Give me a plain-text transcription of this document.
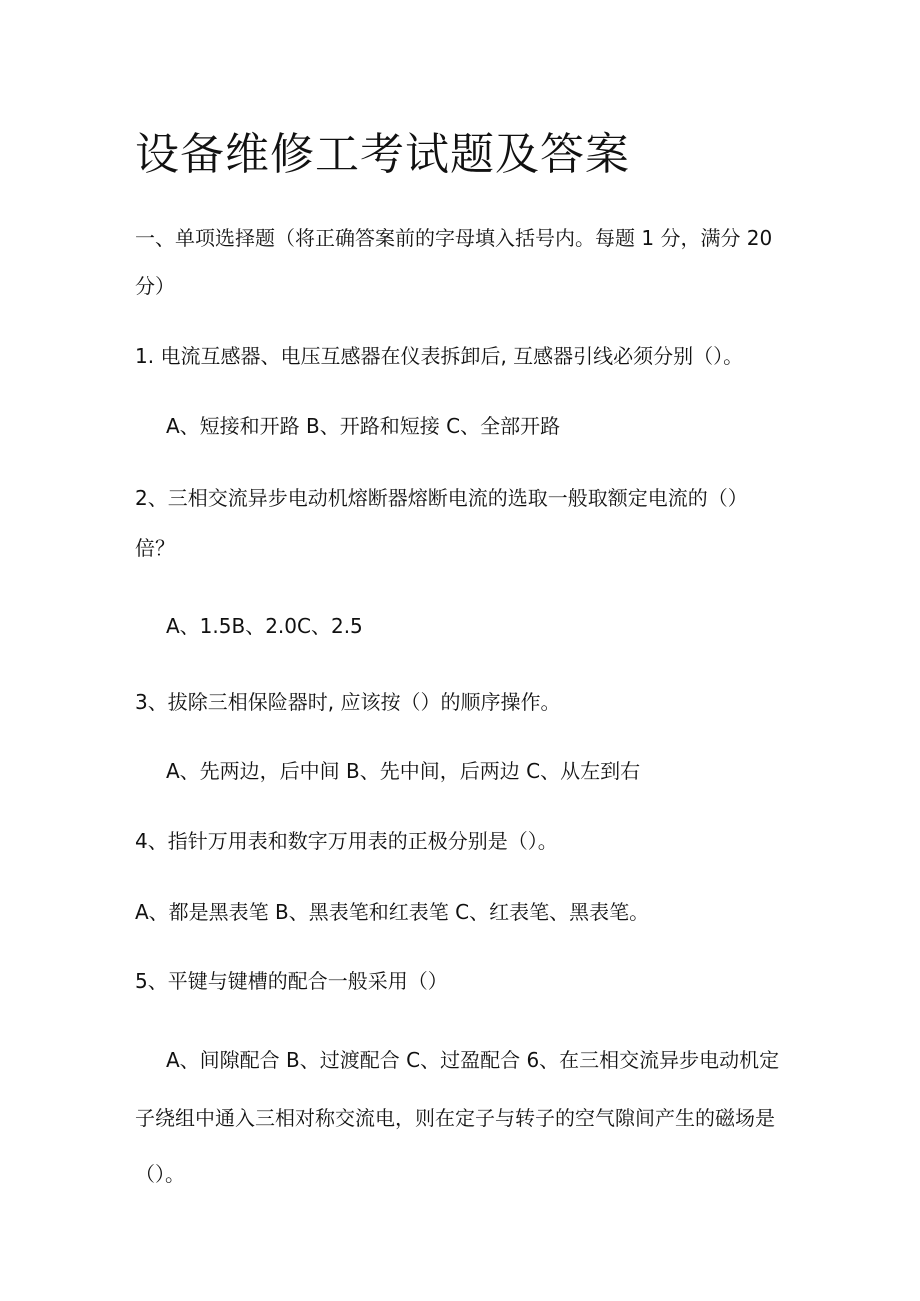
设备维修工考试题及答案
一、单项选择题（将正确答案前的字母填入括号内。每题 1 分，满分 20
分）
1. 电流互感器、电压互感器在仪表拆卸后, 互感器引线必须分别（）。
A、短接和开路 B、开路和短接 C、全部开路
2、三相交流异步电动机熔断器熔断电流的选取一般取额定电流的（）
倍？
A、1.5B、2.0C、2.5
3、拔除三相保险器时, 应该按（）的顺序操作。
A、先两边，后中间 B、先中间，后两边 C、从左到右
4、指针万用表和数字万用表的正极分别是（）。
A、都是黑表笔 B、黑表笔和红表笔 C、红表笔、黑表笔。
5、平键与键槽的配合一般采用（）
A、间隙配合 B、过渡配合 C、过盈配合 6、在三相交流异步电动机定
子绕组中通入三相对称交流电，则在定子与转子的空气隙间产生的磁场是
（）。
